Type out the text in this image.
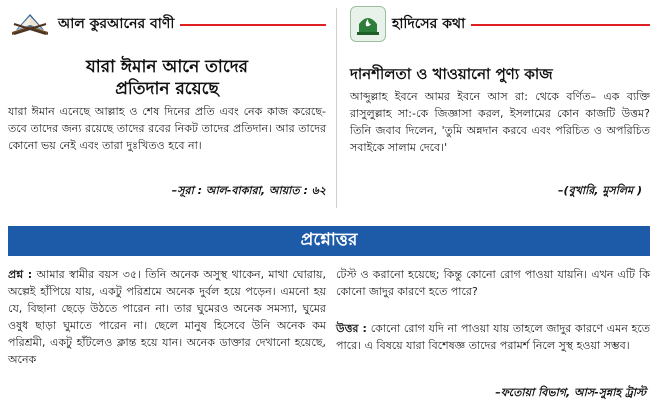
আল কুরআনের বাণী
যারা ঈমান আনে তাদের
প্রতিদান রয়েছে
যারা ঈমান এনেছে আল্লাহ ও শেষ দিনের প্রতি এবং নেক কাজ করেছে- তবে তাদের জন্য রয়েছে তাদের রবের নিকট তাদের প্রতিদান। আর তাদের কোনো ভয় নেই এবং তারা দুঃখিতও হবে না।
–সূরা : আল-বাকারা, আয়াত : ৬২
হাদিসের কথা
দানশীলতা ও খাওয়ানো পুণ্য কাজ
আব্দুল্লাহ ইবনে আমর ইবনে আস রা: থেকে বর্ণিত– এক ব্যক্তি রাসুলুল্লাহ সা:-কে জিজ্ঞাসা করল, ইসলামের কোন কাজটি উত্তম? তিনি জবাব দিলেন, 'তুমি অন্নদান করবে এবং পরিচিত ও অপরিচিত সবাইকে সালাম দেবে।'
–(বুখারি, মুসলিম )
প্রশ্নোত্তর
প্রশ্ন : আমার স্বামীর বয়স ৩৫। তিনি অনেক অসুস্থ থাকেন, মাথা ঘোরায়, অল্পেই হাঁপিয়ে যায়, একটু পরিশ্রমে অনেক দুর্বল হয়ে পড়েন। এমনো হয় যে, বিছানা ছেড়ে উঠতে পারেন না। তার ঘুমেরও অনেক সমস্যা, ঘুমের ওষুধ ছাড়া ঘুমাতে পারেন না। ছেলে মানুষ হিসেবে উনি অনেক কম পরিশ্রমী, একটু হাঁটলেও ক্লান্ত হয়ে যান। অনেক ডাক্তার দেখানো হয়েছে, অনেক
টেস্ট ও করানো হয়েছে; কিন্তু কোনো রোগ পাওয়া যায়নি। এখন এটি কি কোনো জাদুর কারণে হতে পারে?
উত্তর : কোনো রোগ যদি না পাওয়া যায় তাহলে জাদুর কারণে এমন হতে পারে। এ বিষয়ে যারা বিশেষজ্ঞ তাদের পরামর্শ নিলে সুস্থ হওয়া সম্ভব।
–ফতোয়া বিভাগ, আস-সুন্নাহ ট্রাস্ট
